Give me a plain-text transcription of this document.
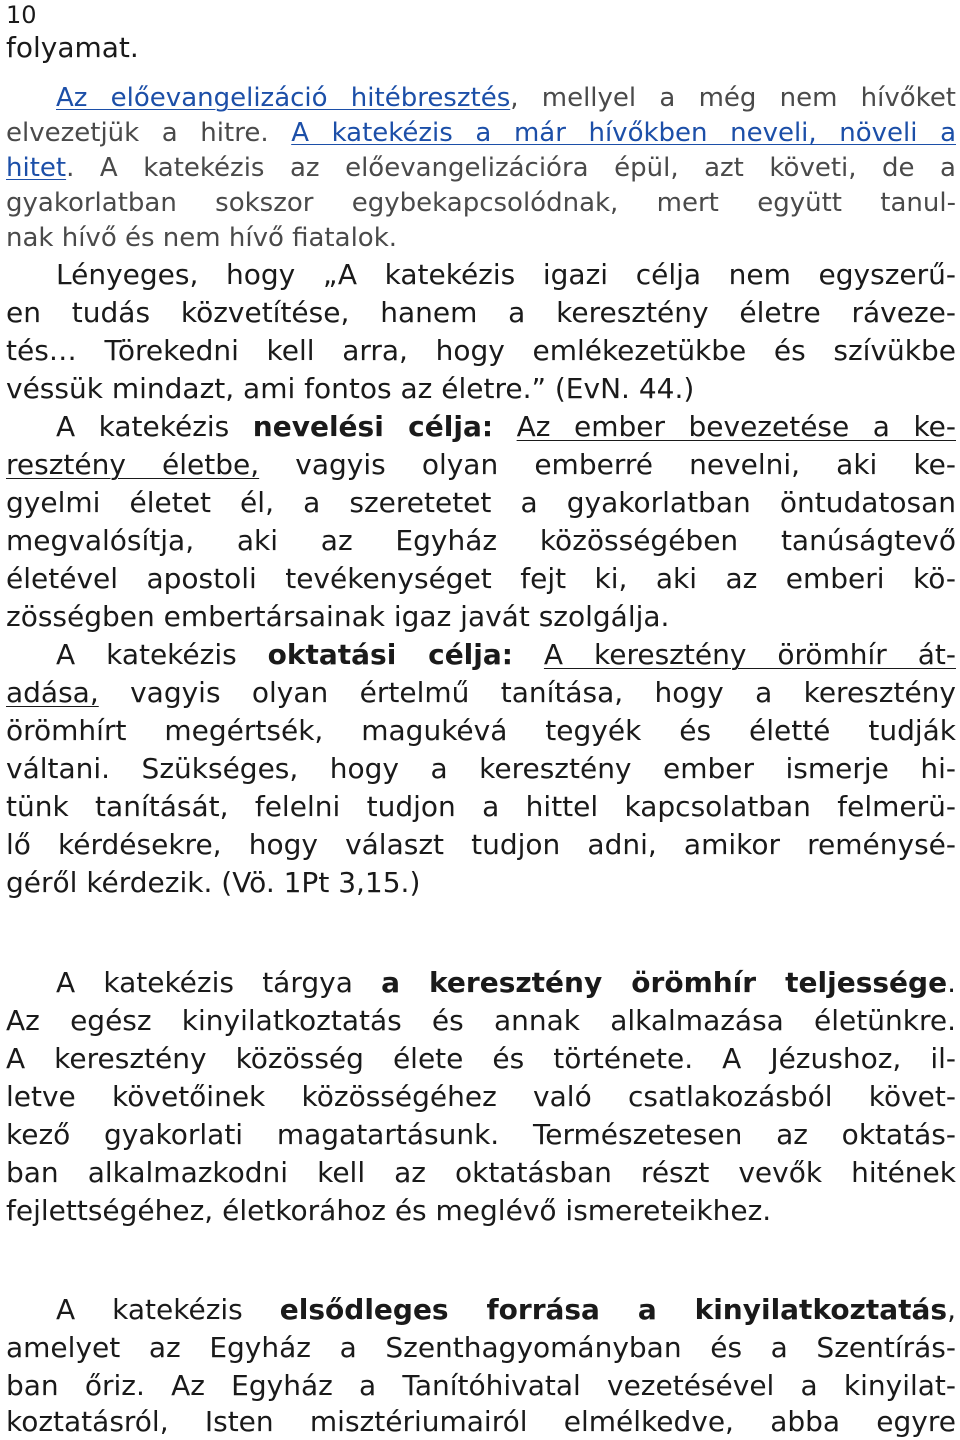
10
folyamat.
Az előevangelizáció hitébresztés, mellyel a még nem hívőket
elvezetjük a hitre. A katekézis a már hívőkben neveli, növeli a
hitet. A katekézis az előevangelizációra épül, azt követi, de a
gyakorlatban sokszor egybekapcsolódnak, mert együtt tanul-
nak hívő és nem hívő fiatalok.
Lényeges, hogy „A katekézis igazi célja nem egyszerű-
en tudás közvetítése, hanem a keresztény életre ráveze-
tés… Törekedni kell arra, hogy emlékezetükbe és szívükbe
véssük mindazt, ami fontos az életre.” (EvN. 44.)
A katekézis nevelési célja: Az ember bevezetése a ke-
resztény életbe, vagyis olyan emberré nevelni, aki ke-
gyelmi életet él, a szeretetet a gyakorlatban öntudatosan
megvalósítja, aki az Egyház közösségében tanúságtevő
életével apostoli tevékenységet fejt ki, aki az emberi kö-
zösségben embertársainak igaz javát szolgálja.
A katekézis oktatási célja: A keresztény örömhír át-
adása, vagyis olyan értelmű tanítása, hogy a keresztény
örömhírt megértsék, magukévá tegyék és életté tudják
váltani. Szükséges, hogy a keresztény ember ismerje hi-
tünk tanítását, felelni tudjon a hittel kapcsolatban felmerü-
lő kérdésekre, hogy választ tudjon adni, amikor reménysé-
géről kérdezik. (Vö. 1Pt 3,15.)
A katekézis tárgya a keresztény örömhír teljessége.
Az egész kinyilatkoztatás és annak alkalmazása életünkre.
A keresztény közösség élete és története. A Jézushoz, il-
letve követőinek közösségéhez való csatlakozásból követ-
kező gyakorlati magatartásunk. Természetesen az oktatás-
ban alkalmazkodni kell az oktatásban részt vevők hitének
fejlettségéhez, életkorához és meglévő ismereteikhez.
A katekézis elsődleges forrása a kinyilatkoztatás,
amelyet az Egyház a Szenthagyományban és a Szentírás-
ban őriz. Az Egyház a Tanítóhivatal vezetésével a kinyilat-
koztatásról, Isten misztériumairól elmélkedve, abba egyre
